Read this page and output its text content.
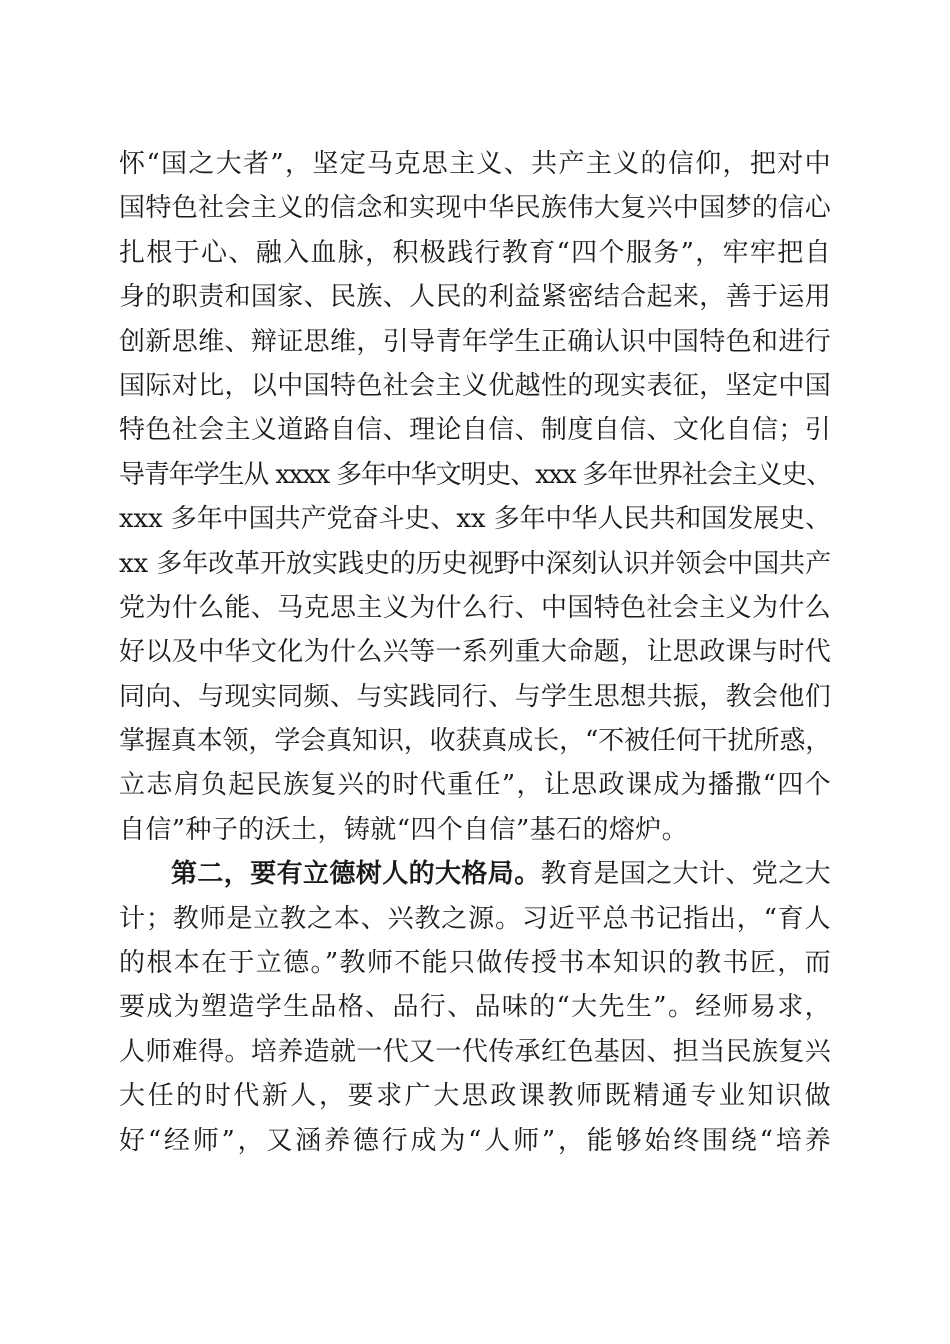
怀“国之大者”，坚定马克思主义、共产主义的信仰，把对中
国特色社会主义的信念和实现中华民族伟大复兴中国梦的信心
扎根于心、融入血脉，积极践行教育“四个服务”，牢牢把自
身的职责和国家、民族、人民的利益紧密结合起来，善于运用
创新思维、辩证思维，引导青年学生正确认识中国特色和进行
国际对比，以中国特色社会主义优越性的现实表征，坚定中国
特色社会主义道路自信、理论自信、制度自信、文化自信；引
导青年学生从 xxxx 多年中华文明史、xxx 多年世界社会主义史、
xxx 多年中国共产党奋斗史、xx 多年中华人民共和国发展史、
xx 多年改革开放实践史的历史视野中深刻认识并领会中国共产
党为什么能、马克思主义为什么行、中国特色社会主义为什么
好以及中华文化为什么兴等一系列重大命题，让思政课与时代
同向、与现实同频、与实践同行、与学生思想共振，教会他们
掌握真本领，学会真知识，收获真成长，“不被任何干扰所惑，
立志肩负起民族复兴的时代重任”，让思政课成为播撒“四个
自信”种子的沃土，铸就“四个自信”基石的熔炉。
第二，要有立德树人的大格局。教育是国之大计、党之大
计；教师是立教之本、兴教之源。习近平总书记指出，“育人
的根本在于立德。”教师不能只做传授书本知识的教书匠，而
要成为塑造学生品格、品行、品味的“大先生”。经师易求，
人师难得。培养造就一代又一代传承红色基因、担当民族复兴
大任的时代新人，要求广大思政课教师既精通专业知识做
好“经师”，又涵养德行成为“人师”，能够始终围绕“培养
